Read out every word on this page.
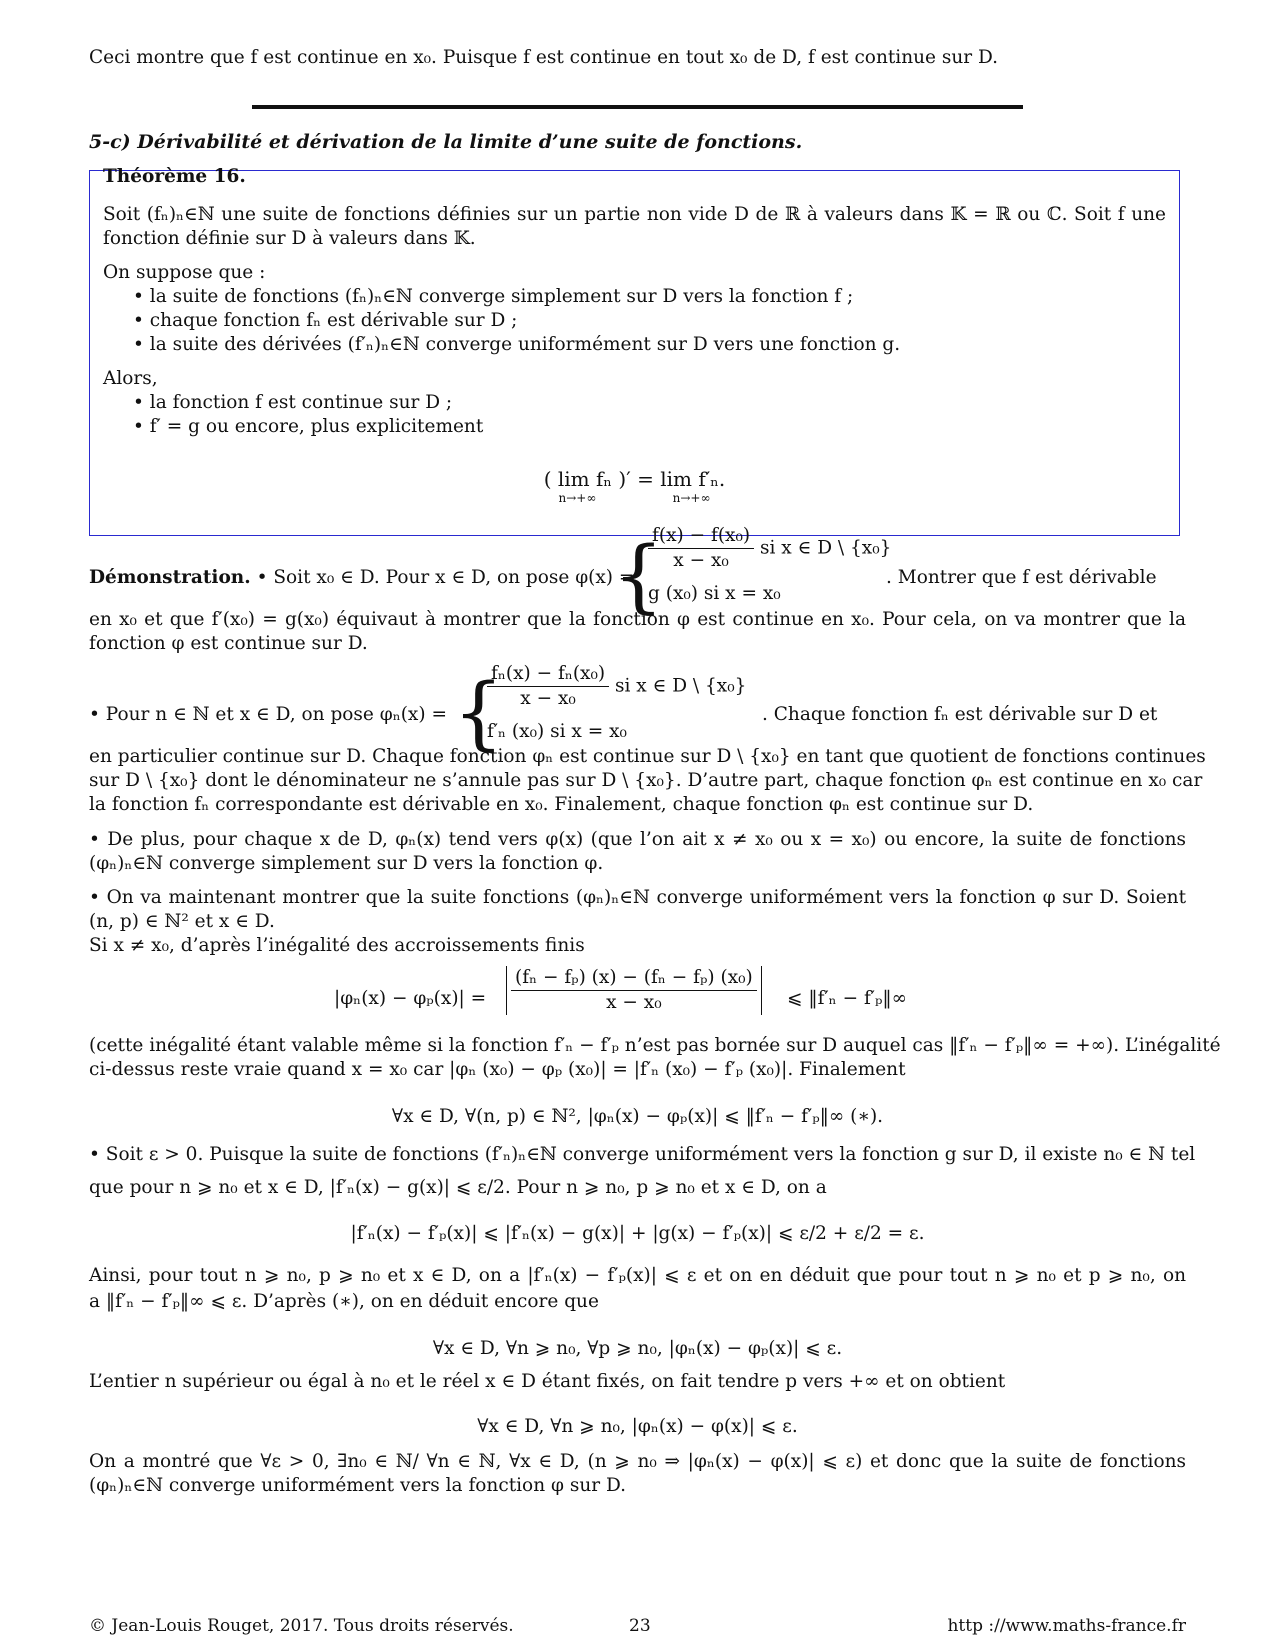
Ceci montre que f est continue en x₀. Puisque f est continue en tout x₀ de D, f est continue sur D.
5-c) Dérivabilité et dérivation de la limite d’une suite de fonctions.
Théorème 16.
Soit (fₙ)ₙ∈ℕ une suite de fonctions définies sur un partie non vide D de ℝ à valeurs dans 𝕂 = ℝ ou ℂ. Soit f une
fonction définie sur D à valeurs dans 𝕂.
On suppose que :
• la suite de fonctions (fₙ)ₙ∈ℕ converge simplement sur D vers la fonction f ;
• chaque fonction fₙ est dérivable sur D ;
• la suite des dérivées (f′ₙ)ₙ∈ℕ converge uniformément sur D vers une fonction g.
Alors,
• la fonction f est continue sur D ;
• f′ = g ou encore, plus explicitement
( lim fₙ )′ = lim f′ₙ.
n→+∞                    n→+∞
Démonstration. • Soit x₀ ∈ D. Pour x ∈ D, on pose φ(x) =
{
$\frac{\text{f(x) − f(x₀)}}{\text{x − x₀}}$ si x ∈ D \ {x₀}
g (x₀) si x = x₀
. Montrer que f est dérivable
en x₀ et que f′(x₀) = g(x₀) équivaut à montrer que la fonction φ est continue en x₀. Pour cela, on va montrer que la
fonction φ est continue sur D.
• Pour n ∈ ℕ et x ∈ D, on pose φₙ(x) = {
$\frac{\text{fₙ(x) − fₙ(x₀)}}{\text{x − x₀}}$ si x ∈ D \ {x₀}
f′ₙ (x₀) si x = x₀
. Chaque fonction fₙ est dérivable sur D et
en particulier continue sur D. Chaque fonction φₙ est continue sur D \ {x₀} en tant que quotient de fonctions continues
sur D \ {x₀} dont le dénominateur ne s’annule pas sur D \ {x₀}. D’autre part, chaque fonction φₙ est continue en x₀ car
la fonction fₙ correspondante est dérivable en x₀. Finalement, chaque fonction φₙ est continue sur D.
• De plus, pour chaque x de D, φₙ(x) tend vers φ(x) (que l’on ait x ≠ x₀ ou x = x₀) ou encore, la suite de fonctions
(φₙ)ₙ∈ℕ converge simplement sur D vers la fonction φ.
• On va maintenant montrer que la suite fonctions (φₙ)ₙ∈ℕ converge uniformément vers la fonction φ sur D. Soient
(n, p) ∈ ℕ² et x ∈ D.
Si x ≠ x₀, d’après l’inégalité des accroissements finis
$|\varphi_n(x) - \varphi_p(x)| = \frac{\text{(fₙ − fₚ) (x) − (fₙ − fₚ) (x₀)}}{\text{x − x₀}}$ ⩽ ‖f′ₙ − f′ₚ‖∞
(cette inégalité étant valable même si la fonction f′ₙ − f′ₚ n’est pas bornée sur D auquel cas ‖f′ₙ − f′ₚ‖∞ = +∞). L’inégalité
ci-dessus reste vraie quand x = x₀ car |φₙ (x₀) − φₚ (x₀)| = |f′ₙ (x₀) − f′ₚ (x₀)|. Finalement
∀x ∈ D, ∀(n, p) ∈ ℕ², |φₙ(x) − φₚ(x)| ⩽ ‖f′ₙ − f′ₚ‖∞ (∗).
• Soit ε > 0. Puisque la suite de fonctions (f′ₙ)ₙ∈ℕ converge uniformément vers la fonction g sur D, il existe n₀ ∈ ℕ tel
que pour n ⩾ n₀ et x ∈ D, |f′ₙ(x) − g(x)| ⩽ ε/2. Pour n ⩾ n₀, p ⩾ n₀ et x ∈ D, on a
|f′ₙ(x) − f′ₚ(x)| ⩽ |f′ₙ(x) − g(x)| + |g(x) − f′ₚ(x)| ⩽ ε/2 + ε/2 = ε.
Ainsi, pour tout n ⩾ n₀, p ⩾ n₀ et x ∈ D, on a |f′ₙ(x) − f′ₚ(x)| ⩽ ε et on en déduit que pour tout n ⩾ n₀ et p ⩾ n₀, on
a ‖f′ₙ − f′ₚ‖∞ ⩽ ε. D’après (∗), on en déduit encore que
∀x ∈ D, ∀n ⩾ n₀, ∀p ⩾ n₀, |φₙ(x) − φₚ(x)| ⩽ ε.
L’entier n supérieur ou égal à n₀ et le réel x ∈ D étant fixés, on fait tendre p vers +∞ et on obtient
∀x ∈ D, ∀n ⩾ n₀, |φₙ(x) − φ(x)| ⩽ ε.
On a montré que ∀ε > 0, ∃n₀ ∈ ℕ/ ∀n ∈ ℕ, ∀x ∈ D, (n ⩾ n₀ ⇒ |φₙ(x) − φ(x)| ⩽ ε) et donc que la suite de fonctions
(φₙ)ₙ∈ℕ converge uniformément vers la fonction φ sur D.
© Jean-Louis Rouget, 2017. Tous droits réservés.	23	http ://www.maths-france.fr
